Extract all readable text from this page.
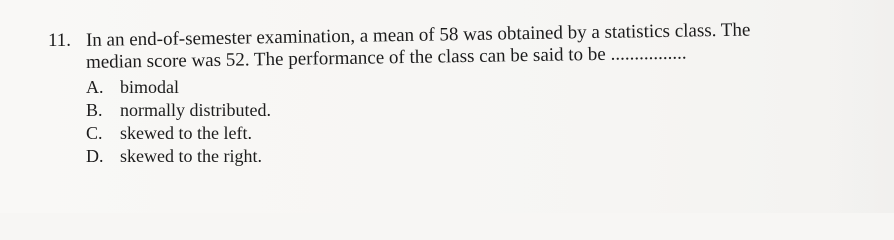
11. In an end-of-semester examination, a mean of 58 was obtained by a statistics class. The
median score was 52. The performance of the class can be said to be ................
A. bimodal
B. normally distributed.
C. skewed to the left.
D. skewed to the right.
